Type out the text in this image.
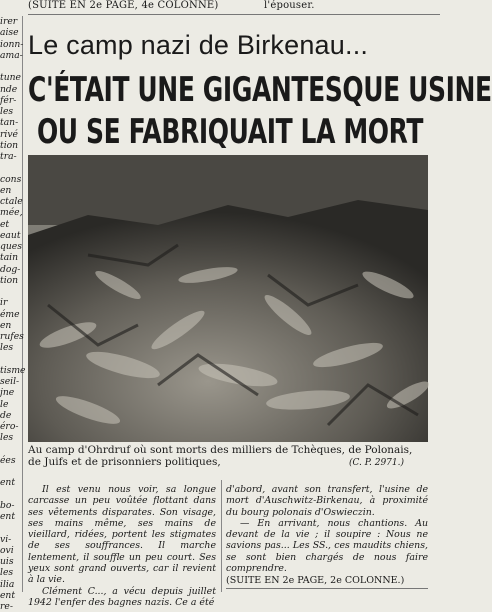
(SUITE EN 2e PAGE, 4e COLONNE)	l'épouser.
irer
aise
ionn-
ama-
tune
nde
fér-
les
tan-
rivé
tion
tra-
cons
en
ctale
mée,
et
eaut
ques
tain
dog-
tion
ir
éme
en
rufes
les
tisme
seil-
jne
le
de
éro-
les
ées
ent
bo-
ent
vi-
ovi
uis
les
ilia
ent
re-
Le camp nazi de Birkenau...
C'ÉTAIT UNE GIGANTESQUE USINE
OU SE FABRIQUAIT LA MORT
Au camp d'Ohrdruf où sont morts des milliers de Tchèques, de Polonais,
de Juifs et de prisonniers politiques,	(C. P. 2971.)

Il est venu nous voir, sa longue carcasse un peu voûtée flottant dans ses vêtements disparates. Son visage, ses mains même, ses mains de vieillard, ridées, portent les stigmates de ses souffrances. Il marche lentement, il souffle un peu court. Ses yeux sont grand ouverts, car il revient à la vie.

Clément C..., a vécu depuis juillet 1942 l'enfer des bagnes nazis. Ce a été

d'abord, avant son transfert, l'usine de mort d'Auschwitz-Birkenau, à proximité du bourg polonais d'Oswieczin.

— En arrivant, nous chantions. Au devant de la vie ; il soupire : Nous ne savions pas... Les SS., ces maudits chiens, se sont bien chargés de nous faire comprendre.

(SUITE EN 2e PAGE, 2e COLONNE.)
